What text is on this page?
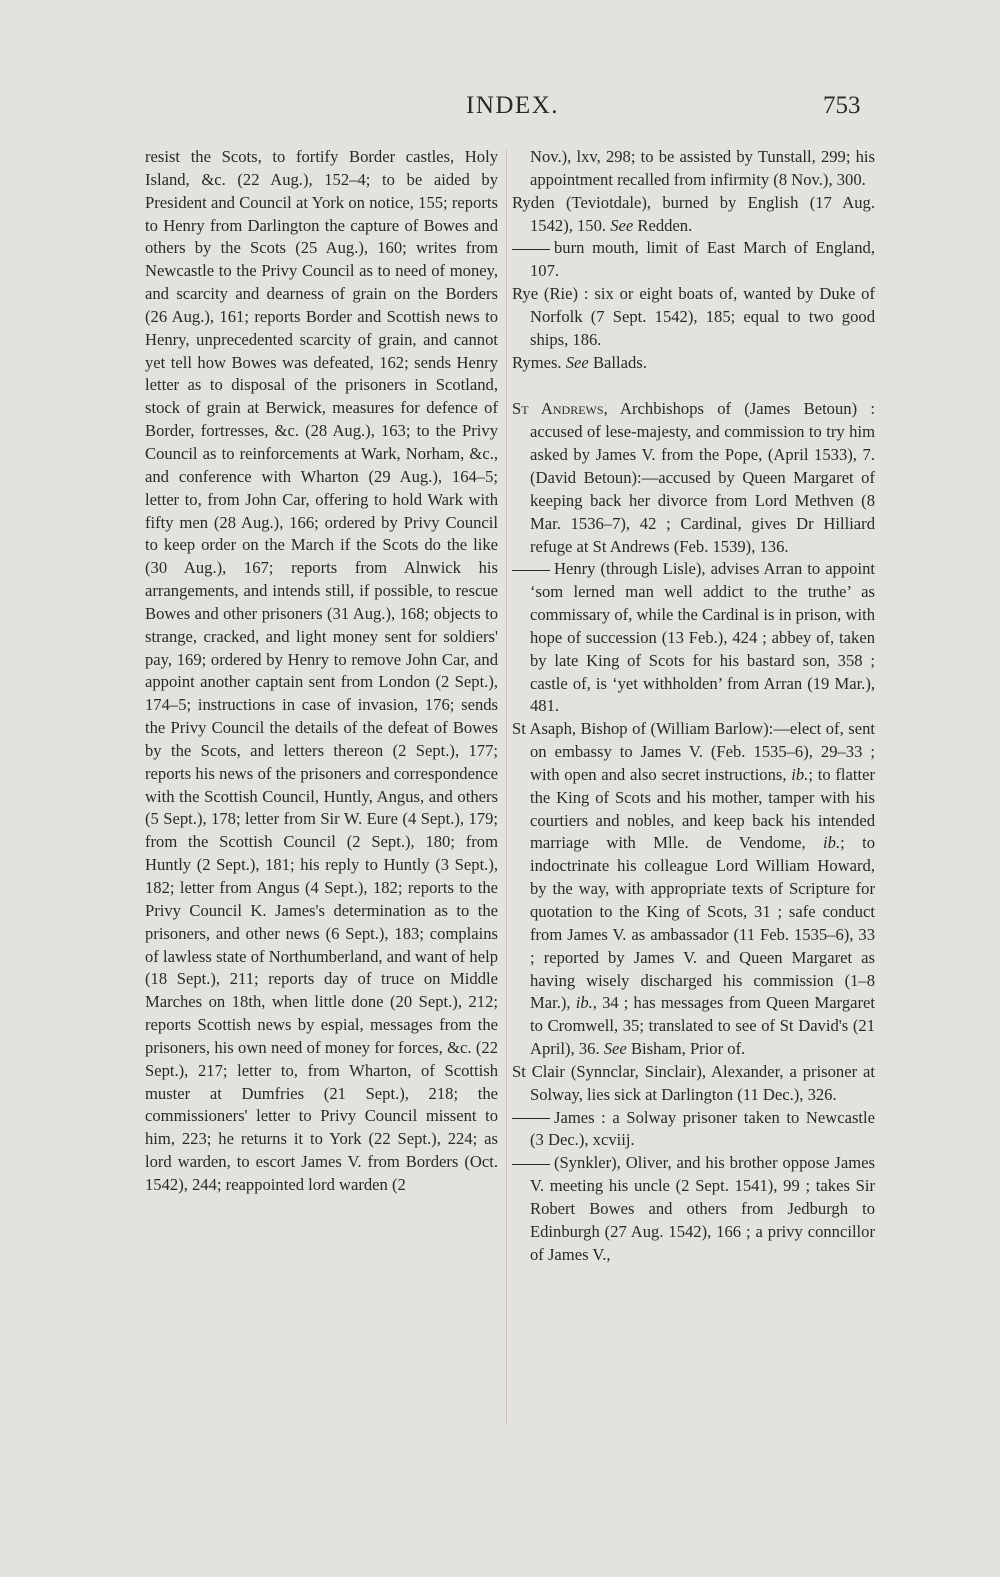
INDEX.	753

resist the Scots, to fortify Border castles, Holy Island, &c. (22 Aug.), 152–4; to be aided by President and Council at York on notice, 155; reports to Henry from Darlington the capture of Bowes and others by the Scots (25 Aug.), 160; writes from Newcastle to the Privy Council as to need of money, and scarcity and dearness of grain on the Borders (26 Aug.), 161; reports Border and Scottish news to Henry, unprecedented scarcity of grain, and cannot yet tell how Bowes was defeated, 162; sends Henry letter as to disposal of the prisoners in Scotland, stock of grain at Berwick, measures for defence of Border, fortresses, &c. (28 Aug.), 163; to the Privy Council as to reinforcements at Wark, Norham, &c., and conference with Wharton (29 Aug.), 164–5; letter to, from John Car, offering to hold Wark with fifty men (28 Aug.), 166; ordered by Privy Council to keep order on the March if the Scots do the like (30 Aug.), 167; reports from Alnwick his arrangements, and intends still, if possible, to rescue Bowes and other prisoners (31 Aug.), 168; objects to strange, cracked, and light money sent for soldiers' pay, 169; ordered by Henry to remove John Car, and appoint another captain sent from London (2 Sept.), 174–5; instructions in case of invasion, 176; sends the Privy Council the details of the defeat of Bowes by the Scots, and letters thereon (2 Sept.), 177; reports his news of the prisoners and correspondence with the Scottish Council, Huntly, Angus, and others (5 Sept.), 178; letter from Sir W. Eure (4 Sept.), 179; from the Scottish Council (2 Sept.), 180; from Huntly (2 Sept.), 181; his reply to Huntly (3 Sept.), 182; letter from Angus (4 Sept.), 182; reports to the Privy Council K. James's determination as to the prisoners, and other news (6 Sept.), 183; complains of lawless state of Northumberland, and want of help (18 Sept.), 211; reports day of truce on Middle Marches on 18th, when little done (20 Sept.), 212; reports Scottish news by espial, messages from the prisoners, his own need of money for forces, &c. (22 Sept.), 217; letter to, from Wharton, of Scottish muster at Dumfries (21 Sept.), 218; the commissioners' letter to Privy Council missent to him, 223; he returns it to York (22 Sept.), 224; as lord warden, to escort James V. from Borders (Oct. 1542), 244; reappointed lord warden (2

Nov.), lxv, 298; to be assisted by Tunstall, 299; his appointment recalled from infirmity (8 Nov.), 300.

Ryden (Teviotdale), burned by English (17 Aug. 1542), 150. See Redden.

burn mouth, limit of East March of England, 107.

Rye (Rie) : six or eight boats of, wanted by Duke of Norfolk (7 Sept. 1542), 185; equal to two good ships, 186.

Rymes. See Ballads.

St Andrews, Archbishops of (James Betoun) : accused of lese-majesty, and commission to try him asked by James V. from the Pope, (April 1533), 7. (David Betoun):—accused by Queen Margaret of keeping back her divorce from Lord Methven (8 Mar. 1536–7), 42 ; Cardinal, gives Dr Hilliard refuge at St Andrews (Feb. 1539), 136.

Henry (through Lisle), advises Arran to appoint ‘som lerned man well addict to the truthe’ as commissary of, while the Cardinal is in prison, with hope of succession (13 Feb.), 424 ; abbey of, taken by late King of Scots for his bastard son, 358 ; castle of, is ‘yet withholden’ from Arran (19 Mar.), 481.

St Asaph, Bishop of (William Barlow):—elect of, sent on embassy to James V. (Feb. 1535–6), 29–33 ; with open and also secret instructions, ib.; to flatter the King of Scots and his mother, tamper with his courtiers and nobles, and keep back his intended marriage with Mlle. de Vendome, ib.; to indoctrinate his colleague Lord William Howard, by the way, with appropriate texts of Scripture for quotation to the King of Scots, 31 ; safe conduct from James V. as ambassador (11 Feb. 1535–6), 33 ; reported by James V. and Queen Margaret as having wisely discharged his commission (1–8 Mar.), ib., 34 ; has messages from Queen Margaret to Cromwell, 35; translated to see of St David's (21 April), 36. See Bisham, Prior of.

St Clair (Synnclar, Sinclair), Alexander, a prisoner at Solway, lies sick at Darlington (11 Dec.), 326.

James : a Solway prisoner taken to Newcastle (3 Dec.), xcviij.

(Synkler), Oliver, and his brother oppose James V. meeting his uncle (2 Sept. 1541), 99 ; takes Sir Robert Bowes and others from Jedburgh to Edinburgh (27 Aug. 1542), 166 ; a privy conncillor of James V.,
